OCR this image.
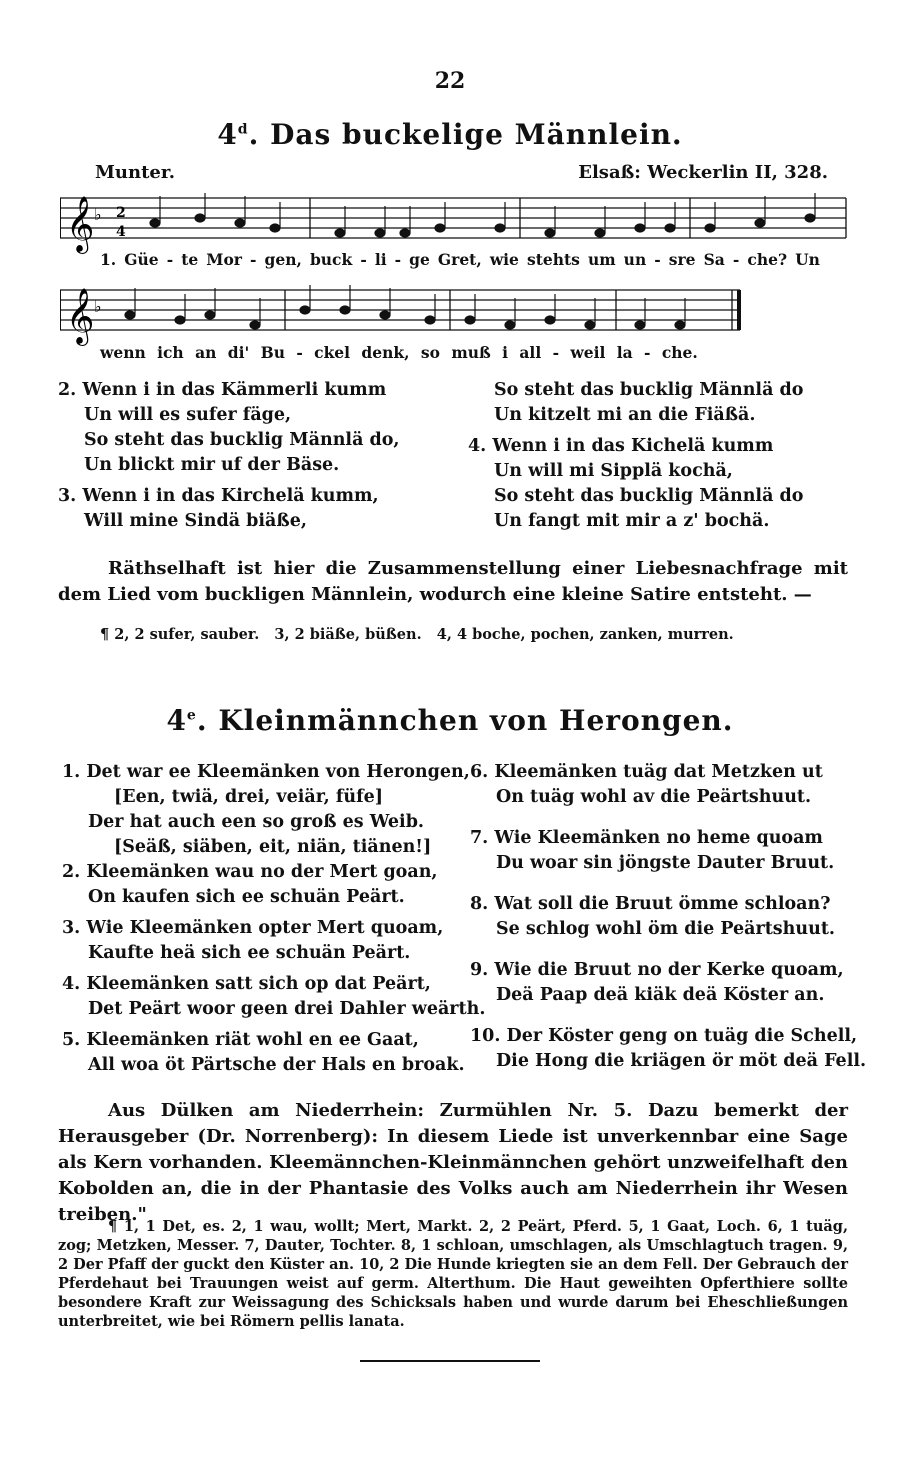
22
4$^d$. Das buckelige Männlein.
Munter.	Elsaß: Weckerlin II, 328.
𝄞 ♭ 2
4
1. Güe - te Mor - gen, buck - li - ge Gret, wie stehts um un - sre Sa - che? Un
𝄞 ♭
wenn ich an di' Bu - ckel denk, so muß i all - weil la - che.
2. Wenn i in das Kämmerli kumm
Un will es sufer fäge,
So steht das bucklig Männlä do,
Un blickt mir uf der Bäse.
3. Wenn i in das Kirchelä kumm,
Will mine Sindä biäße,
So steht das bucklig Männlä do
Un kitzelt mi an die Fiäßä.
4. Wenn i in das Kichelä kumm
Un will mi Sipplä kochä,
So steht das bucklig Männlä do
Un fangt mit mir a z' bochä.
Räthselhaft ist hier die Zusammenstellung einer Liebesnachfrage mit dem Lied vom buckligen Männlein, wodurch eine kleine Satire entsteht. —
¶ 2, 2 sufer, sauber.   3, 2 biäße, büßen.   4, 4 boche, pochen, zanken, murren.
4e. Kleinmännchen von Herongen.
1. Det war ee Kleemänken von Herongen,
[Een, twiä, drei, veiär, füfe]
Der hat auch een so groß es Weib.
[Seäß, siäben, eit, niän, tiänen!]
2. Kleemänken wau no der Mert goan,
On kaufen sich ee schuän Peärt.
3. Wie Kleemänken opter Mert quoam,
Kaufte heä sich ee schuän Peärt.
4. Kleemänken satt sich op dat Peärt,
Det Peärt woor geen drei Dahler weärth.
5. Kleemänken riät wohl en ee Gaat,
All woa öt Pärtsche der Hals en broak.
6. Kleemänken tuäg dat Metzken ut
On tuäg wohl av die Peärtshuut.
7. Wie Kleemänken no heme quoam
Du woar sin jöngste Dauter Bruut.
8. Wat soll die Bruut ömme schloan?
Se schlog wohl öm die Peärtshuut.
9. Wie die Bruut no der Kerke quoam,
Deä Paap deä kiäk deä Köster an.
10. Der Köster geng on tuäg die Schell,
Die Hong die kriägen ör möt deä Fell.
Aus Dülken am Niederrhein: Zurmühlen Nr. 5. Dazu bemerkt der Herausgeber (Dr. Norrenberg): In diesem Liede ist unverkennbar eine Sage als Kern vorhanden. Kleemännchen-Kleinmännchen gehört unzweifelhaft den Kobolden an, die in der Phantasie des Volks auch am Niederrhein ihr Wesen treiben."
¶ 1, 1 Det, es. 2, 1 wau, wollt; Mert, Markt. 2, 2 Peärt, Pferd. 5, 1 Gaat, Loch. 6, 1 tuäg, zog; Metzken, Messer. 7, Dauter, Tochter. 8, 1 schloan, umschlagen, als Umschlagtuch tragen. 9, 2 Der Pfaff der guckt den Küster an. 10, 2 Die Hunde kriegten sie an dem Fell. Der Gebrauch der Pferdehaut bei Trauungen weist auf germ. Alterthum. Die Haut geweihten Opferthiere sollte besondere Kraft zur Weissagung des Schicksals haben und wurde darum bei Eheschließungen unterbreitet, wie bei Römern pellis lanata.
